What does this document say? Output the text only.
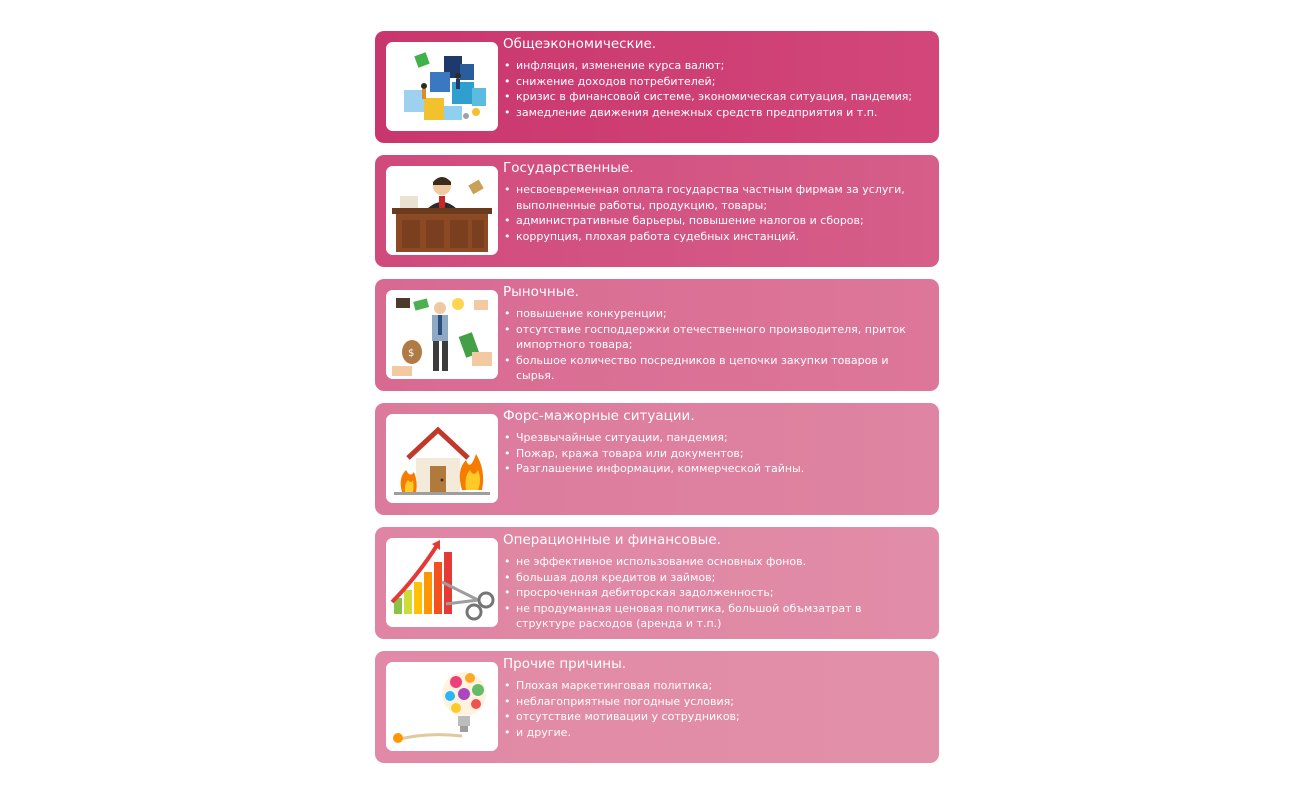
Общеэкономические.
• инфляция, изменение курса валют;
• снижение доходов потребителей;
• кризис в финансовой системе, экономическая ситуация, пандемия;
• замедление движения денежных средств предприятия и т.п.
Государственные.
• несвоевременная оплата государства частным фирмам за услуги, выполненные работы, продукцию, товары;
• административные барьеры, повышение налогов и сборов;
• коррупция, плохая работа судебных инстанций.
$
Рыночные.
• повышение конкуренции;
• отсутствие господдержки отечественного производителя, приток импортного товара;
• большое количество посредников в цепочки закупки товаров и сырья.
Форс-мажорные ситуации.
• Чрезвычайные ситуации, пандемия;
• Пожар, кража товара или документов;
• Разглашение информации, коммерческой тайны.
Операционные и финансовые.
• не эффективное использование основных фонов.
• большая доля кредитов и займов;
• просроченная дебиторская задолженность;
• не продуманная ценовая политика, большой объмзатрат в структуре расходов (аренда и т.п.)
Прочие причины.
• Плохая маркетинговая политика;
• неблагоприятные погодные условия;
• отсутствие мотивации у сотрудников;
• и другие.
